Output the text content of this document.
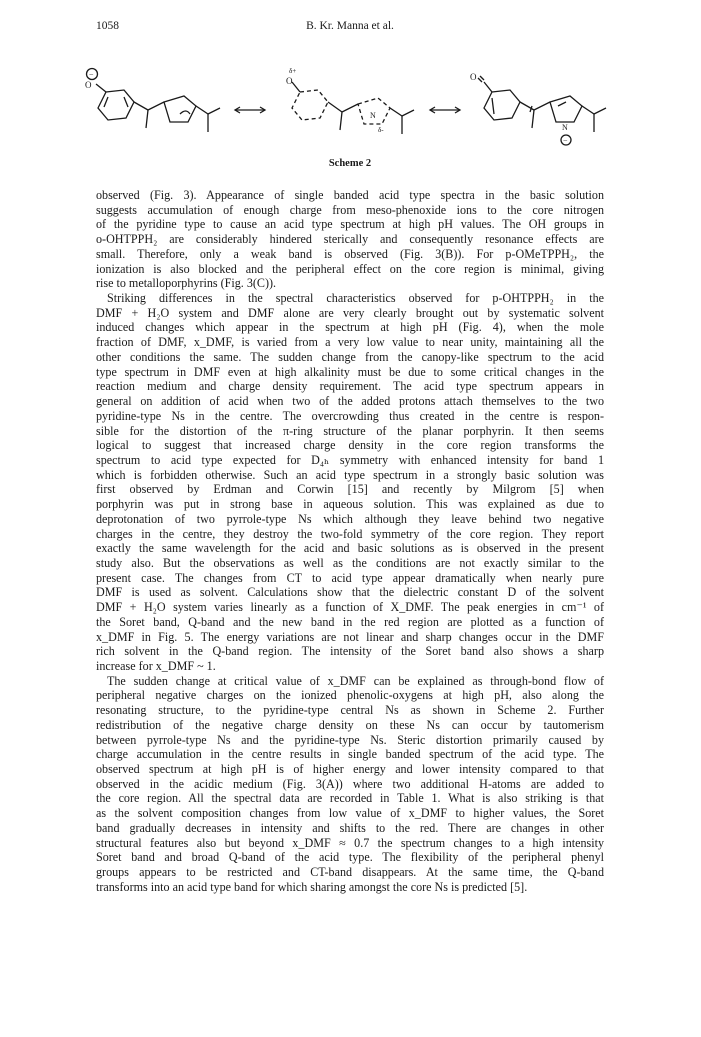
1058	B. Kr. Manna et al.
O
−	δ+
O
N
δ-
O
N
−
Scheme 2
observed (Fig. 3). Appearance of single banded acid type spectra in the basic solution
suggests accumulation of enough charge from meso-phenoxide ions to the core nitrogen
of the pyridine type to cause an acid type spectrum at high pH values. The OH groups in
o-OHTPPH₂ are considerably hindered sterically and consequently resonance effects are
small. Therefore, only a weak band is observed (Fig. 3(B)). For p-OMeTPPH₂, the
ionization is also blocked and the peripheral effect on the core region is minimal, giving
rise to metalloporphyrins (Fig. 3(C)).
Striking differences in the spectral characteristics observed for p-OHTPPH₂ in the
DMF + H₂O system and DMF alone are very clearly brought out by systematic solvent
induced changes which appear in the spectrum at high pH (Fig. 4), when the mole
fraction of DMF, x_DMF, is varied from a very low value to near unity, maintaining all the
other conditions the same. The sudden change from the canopy-like spectrum to the acid
type spectrum in DMF even at high alkalinity must be due to some critical changes in the
reaction medium and charge density requirement. The acid type spectrum appears in
general on addition of acid when two of the added protons attach themselves to the two
pyridine-type Ns in the centre. The overcrowding thus created in the centre is respon-
sible for the distortion of the π-ring structure of the planar porphyrin. It then seems
logical to suggest that increased charge density in the core region transforms the
spectrum to acid type expected for D₄ₕ symmetry with enhanced intensity for band 1
which is forbidden otherwise. Such an acid type spectrum in a strongly basic solution was
first observed by Erdman and Corwin [15] and recently by Milgrom [5] when
porphyrin was put in strong base in aqueous solution. This was explained as due to
deprotonation of two pyrrole-type Ns which although they leave behind two negative
charges in the centre, they destroy the two-fold symmetry of the core region. They report
exactly the same wavelength for the acid and basic solutions as is observed in the present
study also. But the observations as well as the conditions are not exactly similar to the
present case. The changes from CT to acid type appear dramatically when nearly pure
DMF is used as solvent. Calculations show that the dielectric constant D of the solvent
DMF + H₂O system varies linearly as a function of X_DMF. The peak energies in cm⁻¹ of
the Soret band, Q-band and the new band in the red region are plotted as a function of
x_DMF in Fig. 5. The energy variations are not linear and sharp changes occur in the DMF
rich solvent in the Q-band region. The intensity of the Soret band also shows a sharp
increase for x_DMF ~ 1.
The sudden change at critical value of x_DMF can be explained as through-bond flow of
peripheral negative charges on the ionized phenolic-oxygens at high pH, also along the
resonating structure, to the pyridine-type central Ns as shown in Scheme 2. Further
redistribution of the negative charge density on these Ns can occur by tautomerism
between pyrrole-type Ns and the pyridine-type Ns. Steric distortion primarily caused by
charge accumulation in the centre results in single banded spectrum of the acid type. The
observed spectrum at high pH is of higher energy and lower intensity compared to that
observed in the acidic medium (Fig. 3(A)) where two additional H-atoms are added to
the core region. All the spectral data are recorded in Table 1. What is also striking is that
as the solvent composition changes from low value of x_DMF to higher values, the Soret
band gradually decreases in intensity and shifts to the red. There are changes in other
structural features also but beyond x_DMF ≈ 0.7 the spectrum changes to a high intensity
Soret band and broad Q-band of the acid type. The flexibility of the peripheral phenyl
groups appears to be restricted and CT-band disappears. At the same time, the Q-band
transforms into an acid type band for which sharing amongst the core Ns is predicted [5].
